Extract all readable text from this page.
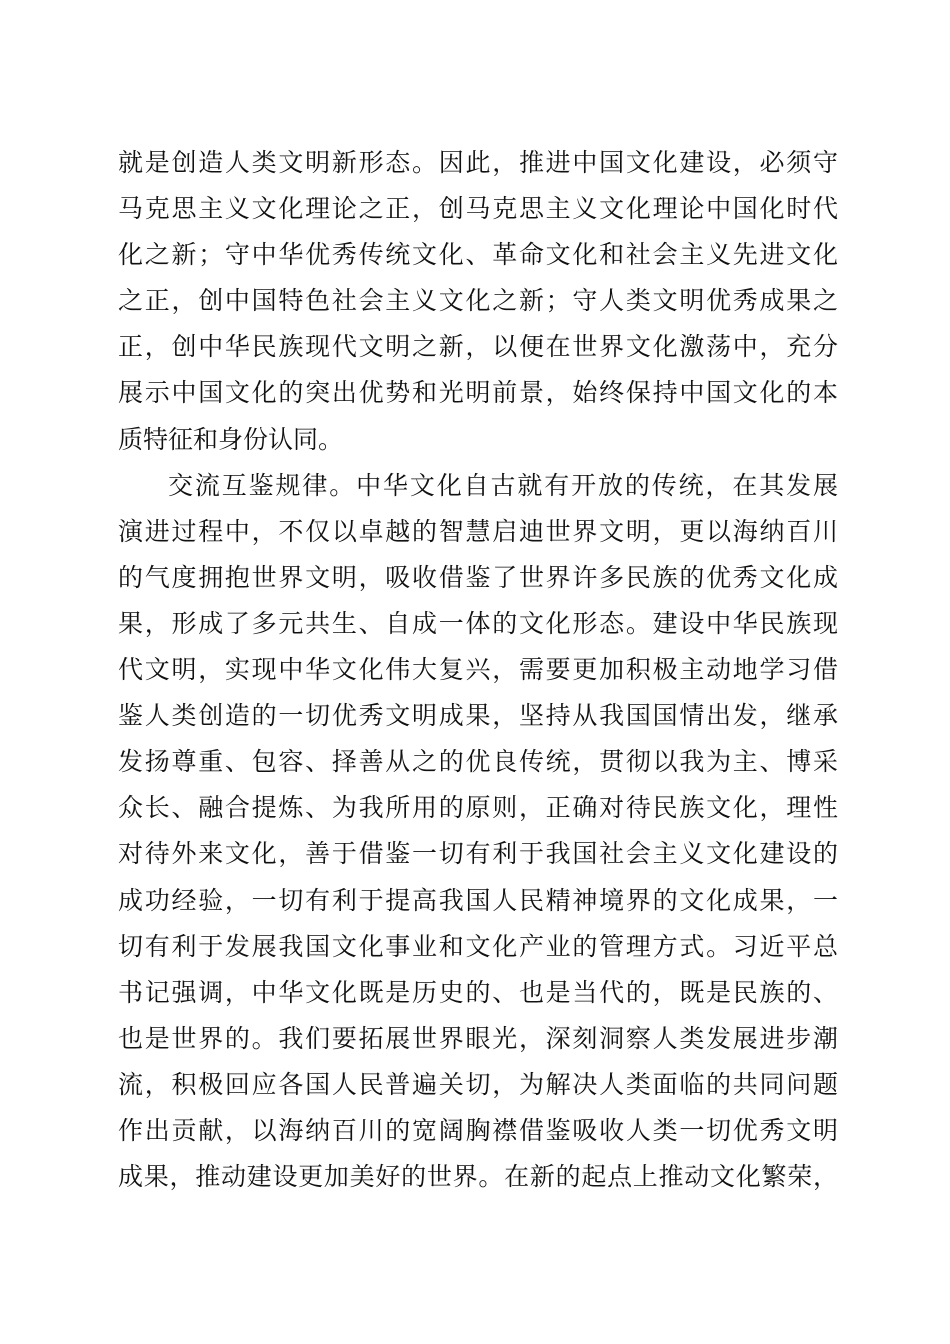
就是创造人类文明新形态。因此，推进中国文化建设，必须守
马克思主义文化理论之正，创马克思主义文化理论中国化时代
化之新；守中华优秀传统文化、革命文化和社会主义先进文化
之正，创中国特色社会主义文化之新；守人类文明优秀成果之
正，创中华民族现代文明之新，以便在世界文化激荡中，充分
展示中国文化的突出优势和光明前景，始终保持中国文化的本
质特征和身份认同。
交流互鉴规律。中华文化自古就有开放的传统，在其发展
演进过程中，不仅以卓越的智慧启迪世界文明，更以海纳百川
的气度拥抱世界文明，吸收借鉴了世界许多民族的优秀文化成
果，形成了多元共生、自成一体的文化形态。建设中华民族现
代文明，实现中华文化伟大复兴，需要更加积极主动地学习借
鉴人类创造的一切优秀文明成果，坚持从我国国情出发，继承
发扬尊重、包容、择善从之的优良传统，贯彻以我为主、博采
众长、融合提炼、为我所用的原则，正确对待民族文化，理性
对待外来文化，善于借鉴一切有利于我国社会主义文化建设的
成功经验，一切有利于提高我国人民精神境界的文化成果，一
切有利于发展我国文化事业和文化产业的管理方式。习近平总
书记强调，中华文化既是历史的、也是当代的，既是民族的、
也是世界的。我们要拓展世界眼光，深刻洞察人类发展进步潮
流，积极回应各国人民普遍关切，为解决人类面临的共同问题
作出贡献，以海纳百川的宽阔胸襟借鉴吸收人类一切优秀文明
成果，推动建设更加美好的世界。在新的起点上推动文化繁荣，
